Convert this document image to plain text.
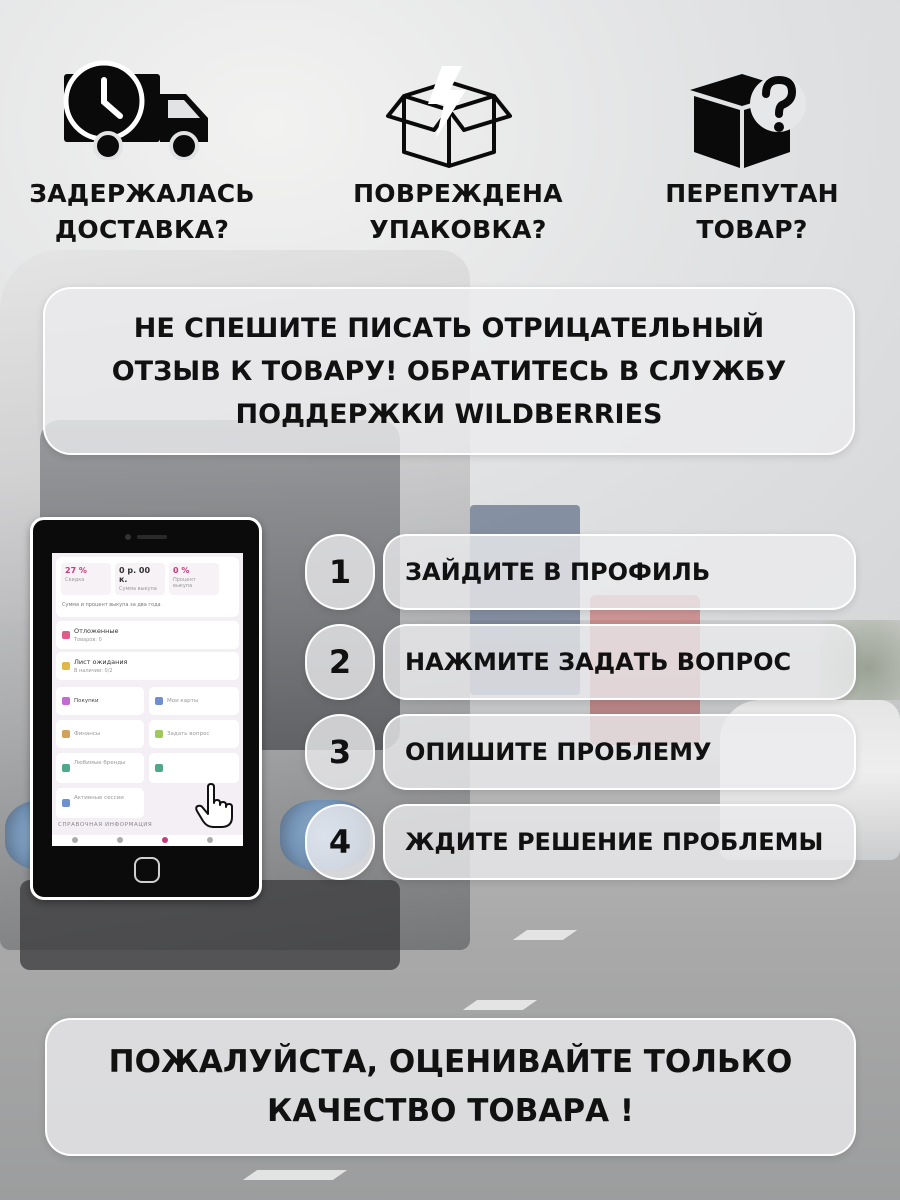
ЗАДЕРЖАЛАСЬ
ДОСТАВКА?
ПОВРЕЖДЕНА
УПАКОВКА?
ПЕРЕПУТАН
ТОВАР?
НЕ СПЕШИТЕ ПИСАТЬ ОТРИЦАТЕЛЬНЫЙ
ОТЗЫВ К ТОВАРУ! ОБРАТИТЕСЬ В СЛУЖБУ
ПОДДЕРЖКИ WILDBERRIES
27 %
Скидка
0 р. 00 к.
Сумма выкупа
0 %
Процент выкупа
Сумма и процент выкупа за два года
Отложенные
Товаров: 0
Лист ожидания
В наличии: 0/2
Покупки	Мои карты
Финансы	Задать вопрос
Любимые бренды
Активные сессии
СПРАВОЧНАЯ ИНФОРМАЦИЯ
1 ЗАЙДИТЕ В ПРОФИЛЬ
2 НАЖМИТЕ ЗАДАТЬ ВОПРОС
3 ОПИШИТЕ ПРОБЛЕМУ
4 ЖДИТЕ РЕШЕНИЕ ПРОБЛЕМЫ
ПОЖАЛУЙСТА, ОЦЕНИВАЙТЕ ТОЛЬКО
КАЧЕСТВО ТОВАРА !
